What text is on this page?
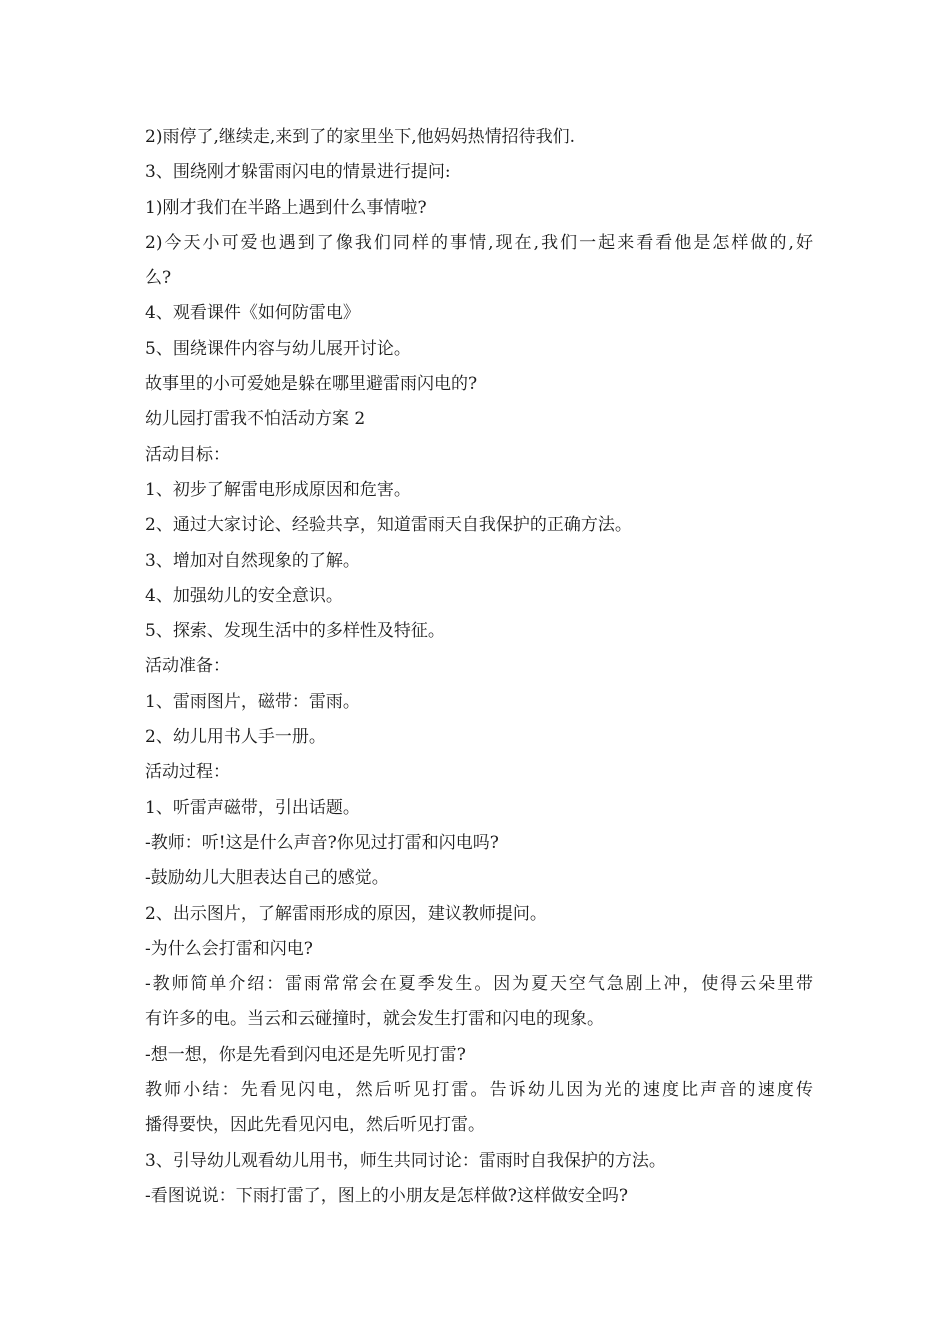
2)雨停了,继续走,来到了的家里坐下,他妈妈热情招待我们.
3、围绕刚才躲雷雨闪电的情景进行提问:
1)刚才我们在半路上遇到什么事情啦?
2)今天小可爱也遇到了像我们同样的事情,现在,我们一起来看看他是怎样做的,好
么?
4、观看课件《如何防雷电》
5、围绕课件内容与幼儿展开讨论。
故事里的小可爱她是躲在哪里避雷雨闪电的?
幼儿园打雷我不怕活动方案 2
活动目标：
1、初步了解雷电形成原因和危害。
2、通过大家讨论、经验共享，知道雷雨天自我保护的正确方法。
3、增加对自然现象的了解。
4、加强幼儿的安全意识。
5、探索、发现生活中的多样性及特征。
活动准备：
1、雷雨图片，磁带：雷雨。
2、幼儿用书人手一册。
活动过程：
1、听雷声磁带，引出话题。
-教师：听!这是什么声音?你见过打雷和闪电吗?
-鼓励幼儿大胆表达自己的感觉。
2、出示图片，了解雷雨形成的原因，建议教师提问。
-为什么会打雷和闪电?
-教师简单介绍：雷雨常常会在夏季发生。因为夏天空气急剧上冲，使得云朵里带
有许多的电。当云和云碰撞时，就会发生打雷和闪电的现象。
-想一想，你是先看到闪电还是先听见打雷?
教师小结：先看见闪电，然后听见打雷。告诉幼儿因为光的速度比声音的速度传
播得要快，因此先看见闪电，然后听见打雷。
3、引导幼儿观看幼儿用书，师生共同讨论：雷雨时自我保护的方法。
-看图说说：下雨打雷了，图上的小朋友是怎样做?这样做安全吗?
